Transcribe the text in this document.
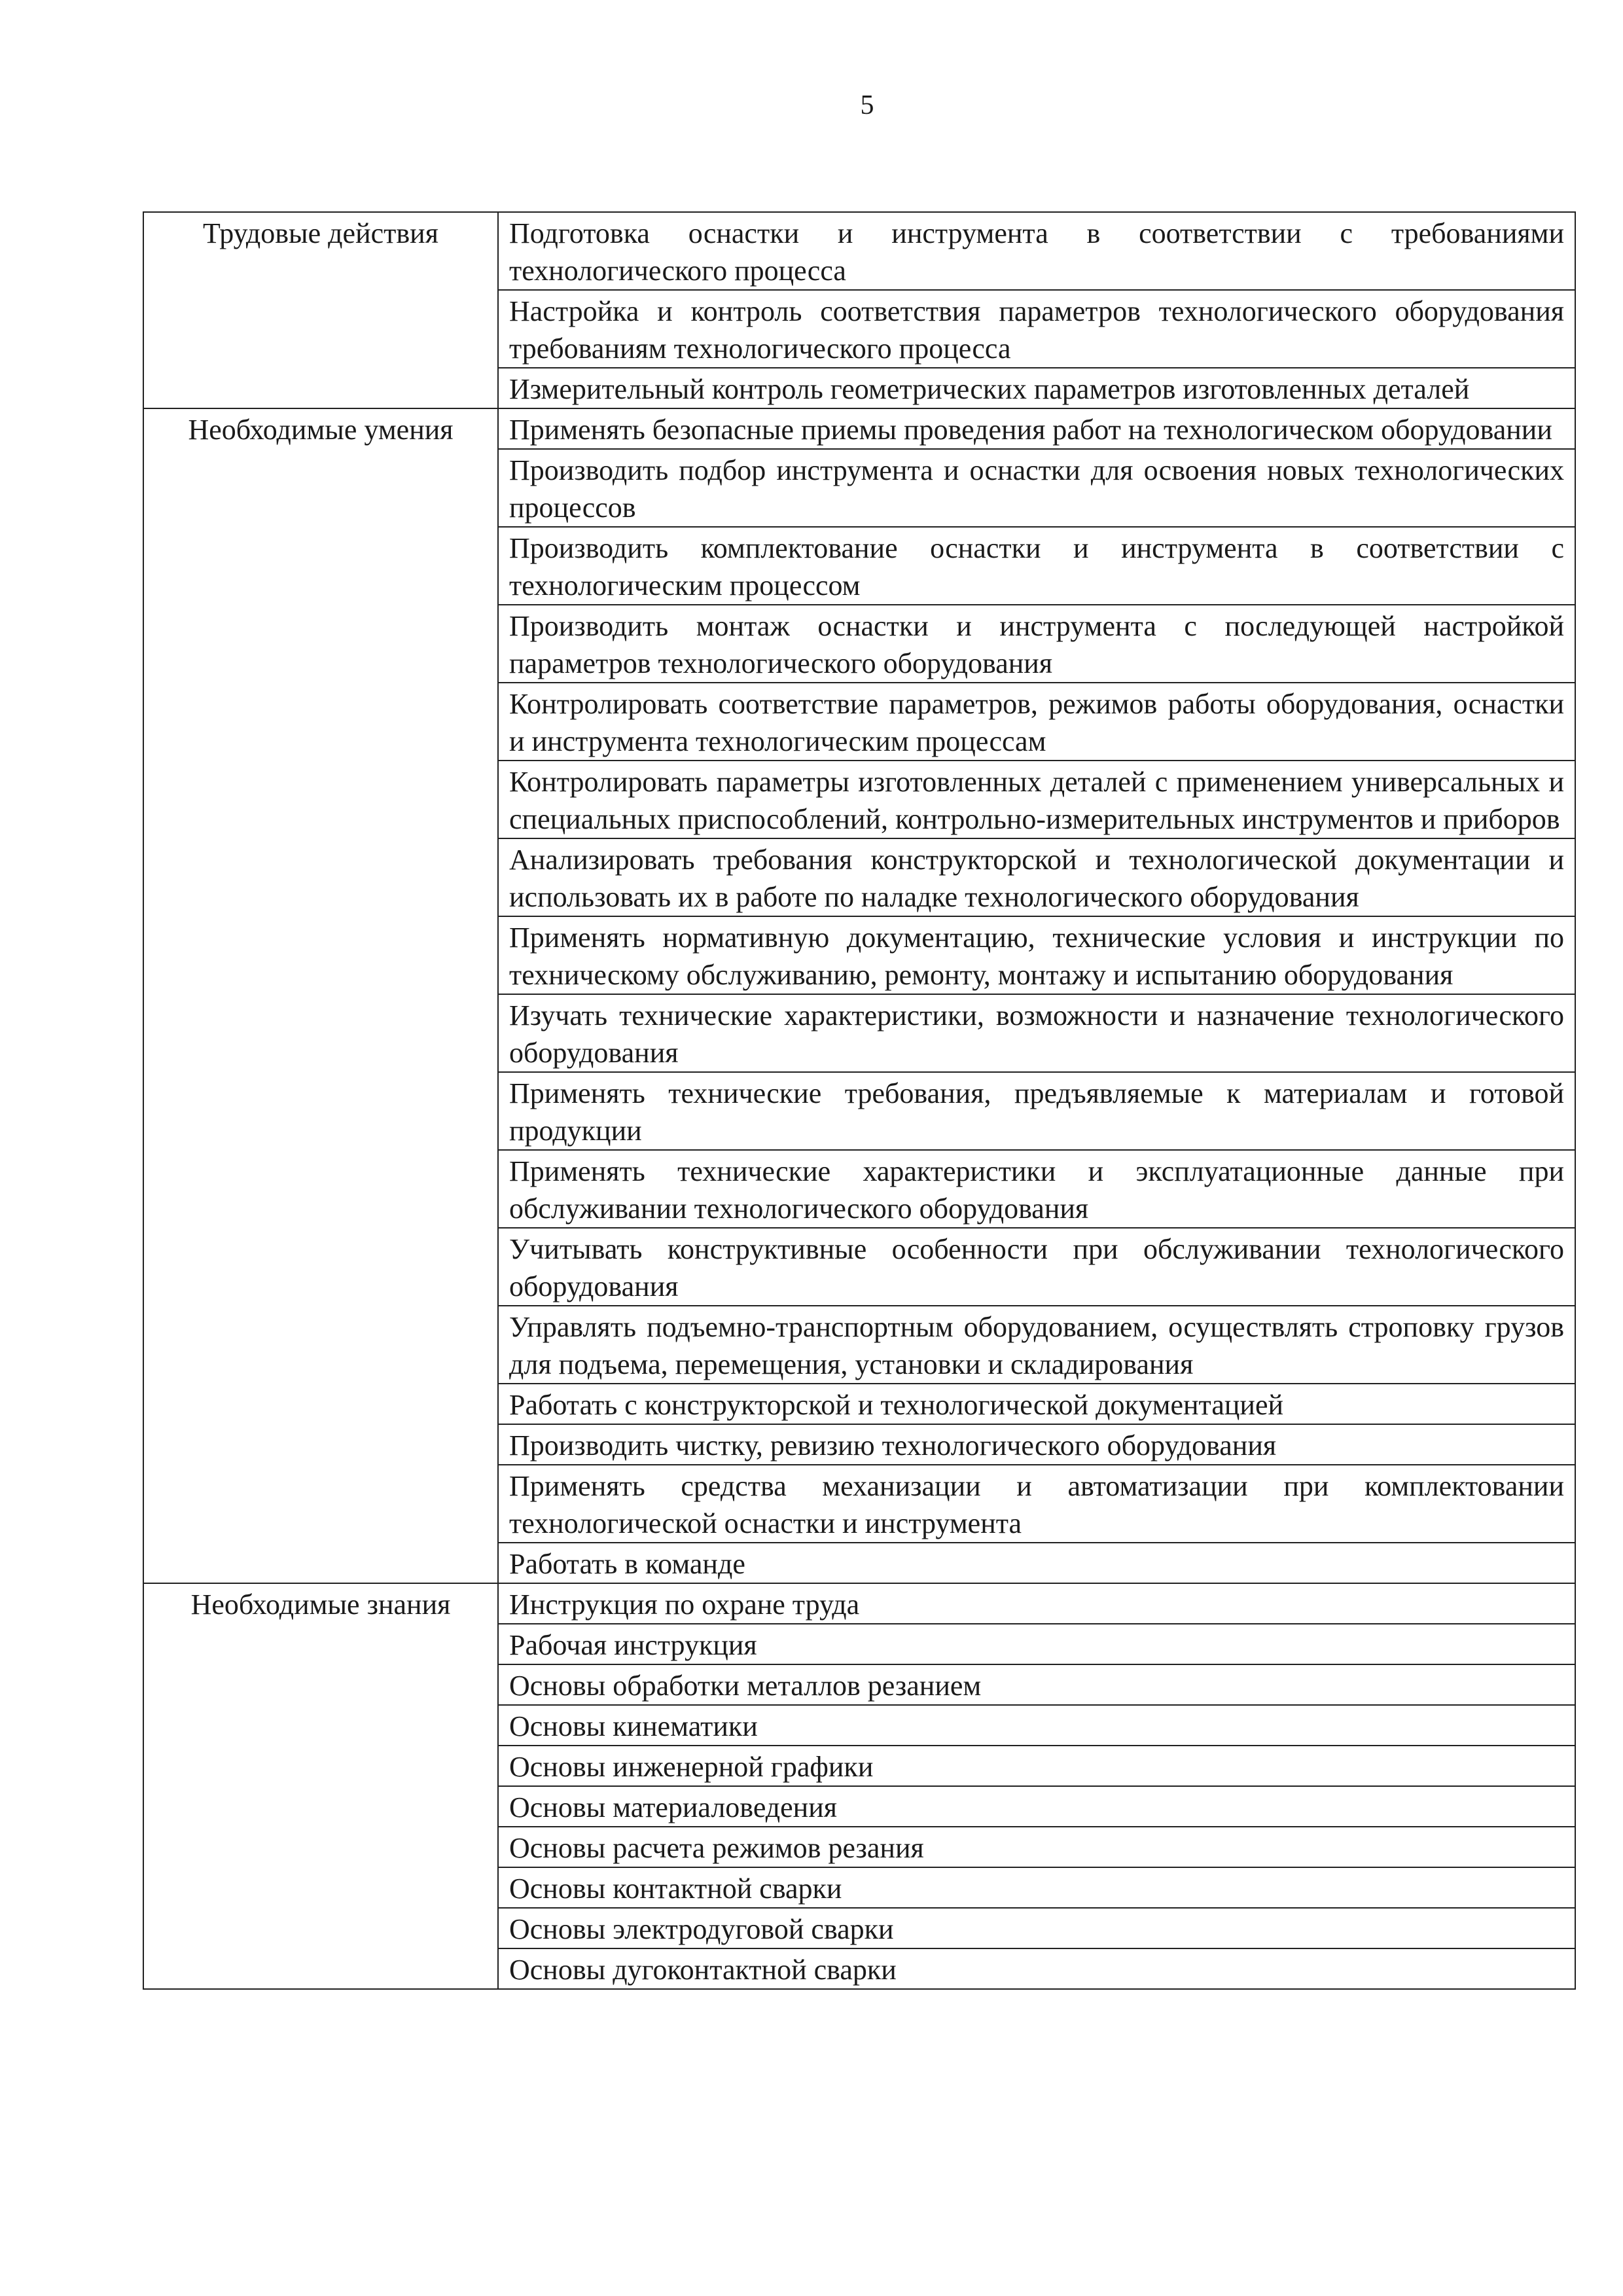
5
Трудовые действия	Подготовка оснастки и инструмента в соответствии с требованиями технологического процесса
	Настройка и контроль соответствия параметров технологического оборудования требованиям технологического процесса
	Измерительный контроль геометрических параметров изготовленных деталей
Необходимые умения	Применять безопасные приемы проведения работ на технологическом оборудовании
	Производить подбор инструмента и оснастки для освоения новых технологических процессов
	Производить комплектование оснастки и инструмента в соответствии с технологическим процессом
	Производить монтаж оснастки и инструмента с последующей настройкой параметров технологического оборудования
	Контролировать соответствие параметров, режимов работы оборудования, оснастки и инструмента технологическим процессам
	Контролировать параметры изготовленных деталей с применением универсальных и специальных приспособлений, контрольно-измерительных инструментов и приборов
	Анализировать требования конструкторской и технологической документации и использовать их в работе по наладке технологического оборудования
	Применять нормативную документацию, технические условия и инструкции по техническому обслуживанию, ремонту, монтажу и испытанию оборудования
	Изучать технические характеристики, возможности и назначение технологического оборудования
	Применять технические требования, предъявляемые к материалам и готовой продукции
	Применять технические характеристики и эксплуатационные данные при обслуживании технологического оборудования
	Учитывать конструктивные особенности при обслуживании технологического оборудования
	Управлять подъемно-транспортным оборудованием, осуществлять строповку грузов для подъема, перемещения, установки и складирования
	Работать с конструкторской и технологической документацией
	Производить чистку, ревизию технологического оборудования
	Применять средства механизации и автоматизации при комплектовании технологической оснастки и инструмента
	Работать в команде
Необходимые знания	Инструкция по охране труда
	Рабочая инструкция
	Основы обработки металлов резанием
	Основы кинематики
	Основы инженерной графики
	Основы материаловедения
	Основы расчета режимов резания
	Основы контактной сварки
	Основы электродуговой сварки
	Основы дугоконтактной сварки
